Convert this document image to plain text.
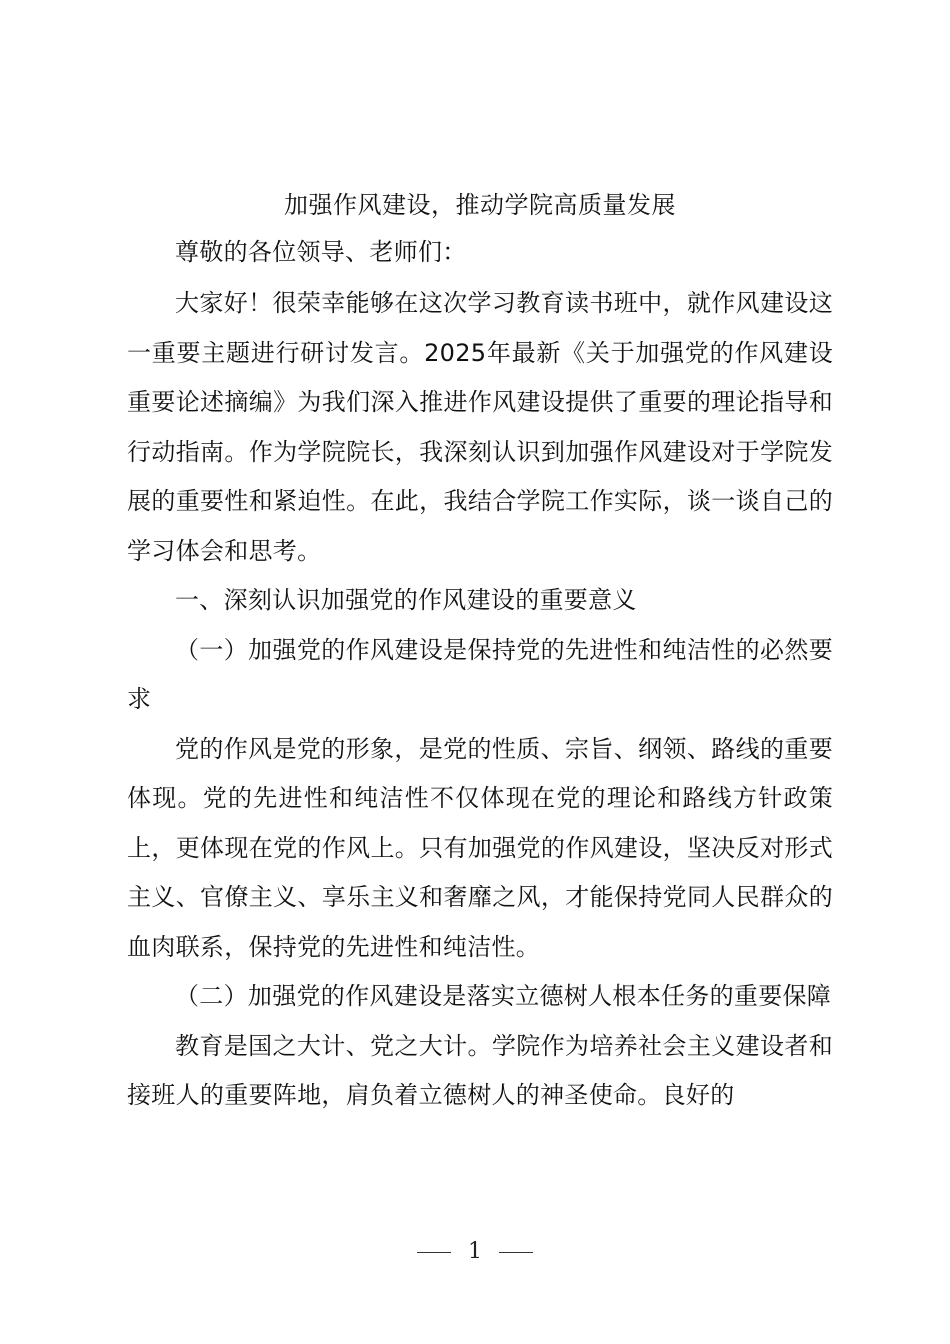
加强作风建设，推动学院高质量发展

尊敬的各位领导、老师们：

大家好！很荣幸能够在这次学习教育读书班中，就作风建设这一重要主题进行研讨发言。2025年最新《关于加强党的作风建设重要论述摘编》为我们深入推进作风建设提供了重要的理论指导和行动指南。作为学院院长，我深刻认识到加强作风建设对于学院发展的重要性和紧迫性。在此，我结合学院工作实际，谈一谈自己的学习体会和思考。

一、深刻认识加强党的作风建设的重要意义

（一）加强党的作风建设是保持党的先进性和纯洁性的必然要求

党的作风是党的形象，是党的性质、宗旨、纲领、路线的重要体现。党的先进性和纯洁性不仅体现在党的理论和路线方针政策上，更体现在党的作风上。只有加强党的作风建设，坚决反对形式主义、官僚主义、享乐主义和奢靡之风，才能保持党同人民群众的血肉联系，保持党的先进性和纯洁性。

（二）加强党的作风建设是落实立德树人根本任务的重要保障

教育是国之大计、党之大计。学院作为培养社会主义建设者和接班人的重要阵地，肩负着立德树人的神圣使命。良好的

1
